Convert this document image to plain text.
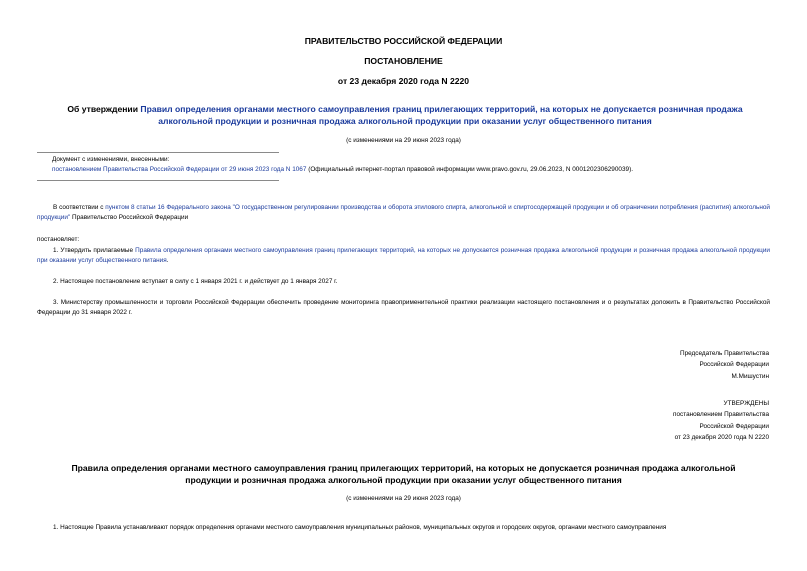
ПРАВИТЕЛЬСТВО РОССИЙСКОЙ ФЕДЕРАЦИИ
ПОСТАНОВЛЕНИЕ
от 23 декабря 2020 года N 2220
Об утверждении Правил определения органами местного самоуправления границ прилегающих территорий, на которых не допускается розничная продажа алкогольной продукции и розничная продажа алкогольной продукции при оказании услуг общественного питания
(с изменениями на 29 июня 2023 года)
Документ с изменениями, внесенными:
постановлением Правительства Российской Федерации от 29 июня 2023 года N 1067 (Официальный интернет-портал правовой информации www.pravo.gov.ru, 29.06.2023, N 0001202306290039).
В соответствии с пунктом 8 статьи 16 Федерального закона "О государственном регулировании производства и оборота этилового спирта, алкогольной и спиртосодержащей продукции и об ограничении потребления (распития) алкогольной продукции" Правительство Российской Федерации
постановляет:
1. Утвердить прилагаемые Правила определения органами местного самоуправления границ прилегающих территорий, на которых не допускается розничная продажа алкогольной продукции и розничная продажа алкогольной продукции при оказании услуг общественного питания.
2. Настоящее постановление вступает в силу с 1 января 2021 г. и действует до 1 января 2027 г.
3. Министерству промышленности и торговли Российской Федерации обеспечить проведение мониторинга правоприменительной практики реализации настоящего постановления и о результатах доложить в Правительство Российской Федерации до 31 января 2022 г.
Председатель Правительства
Российской Федерации
М.Мишустин
УТВЕРЖДЕНЫ
постановлением Правительства
Российской Федерации
от 23 декабря 2020 года N 2220
Правила определения органами местного самоуправления границ прилегающих территорий, на которых не допускается розничная продажа алкогольной продукции и розничная продажа алкогольной продукции при оказании услуг общественного питания
(с изменениями на 29 июня 2023 года)
1. Настоящие Правила устанавливают порядок определения органами местного самоуправления муниципальных районов, муниципальных округов и городских округов, органами местного самоуправления
